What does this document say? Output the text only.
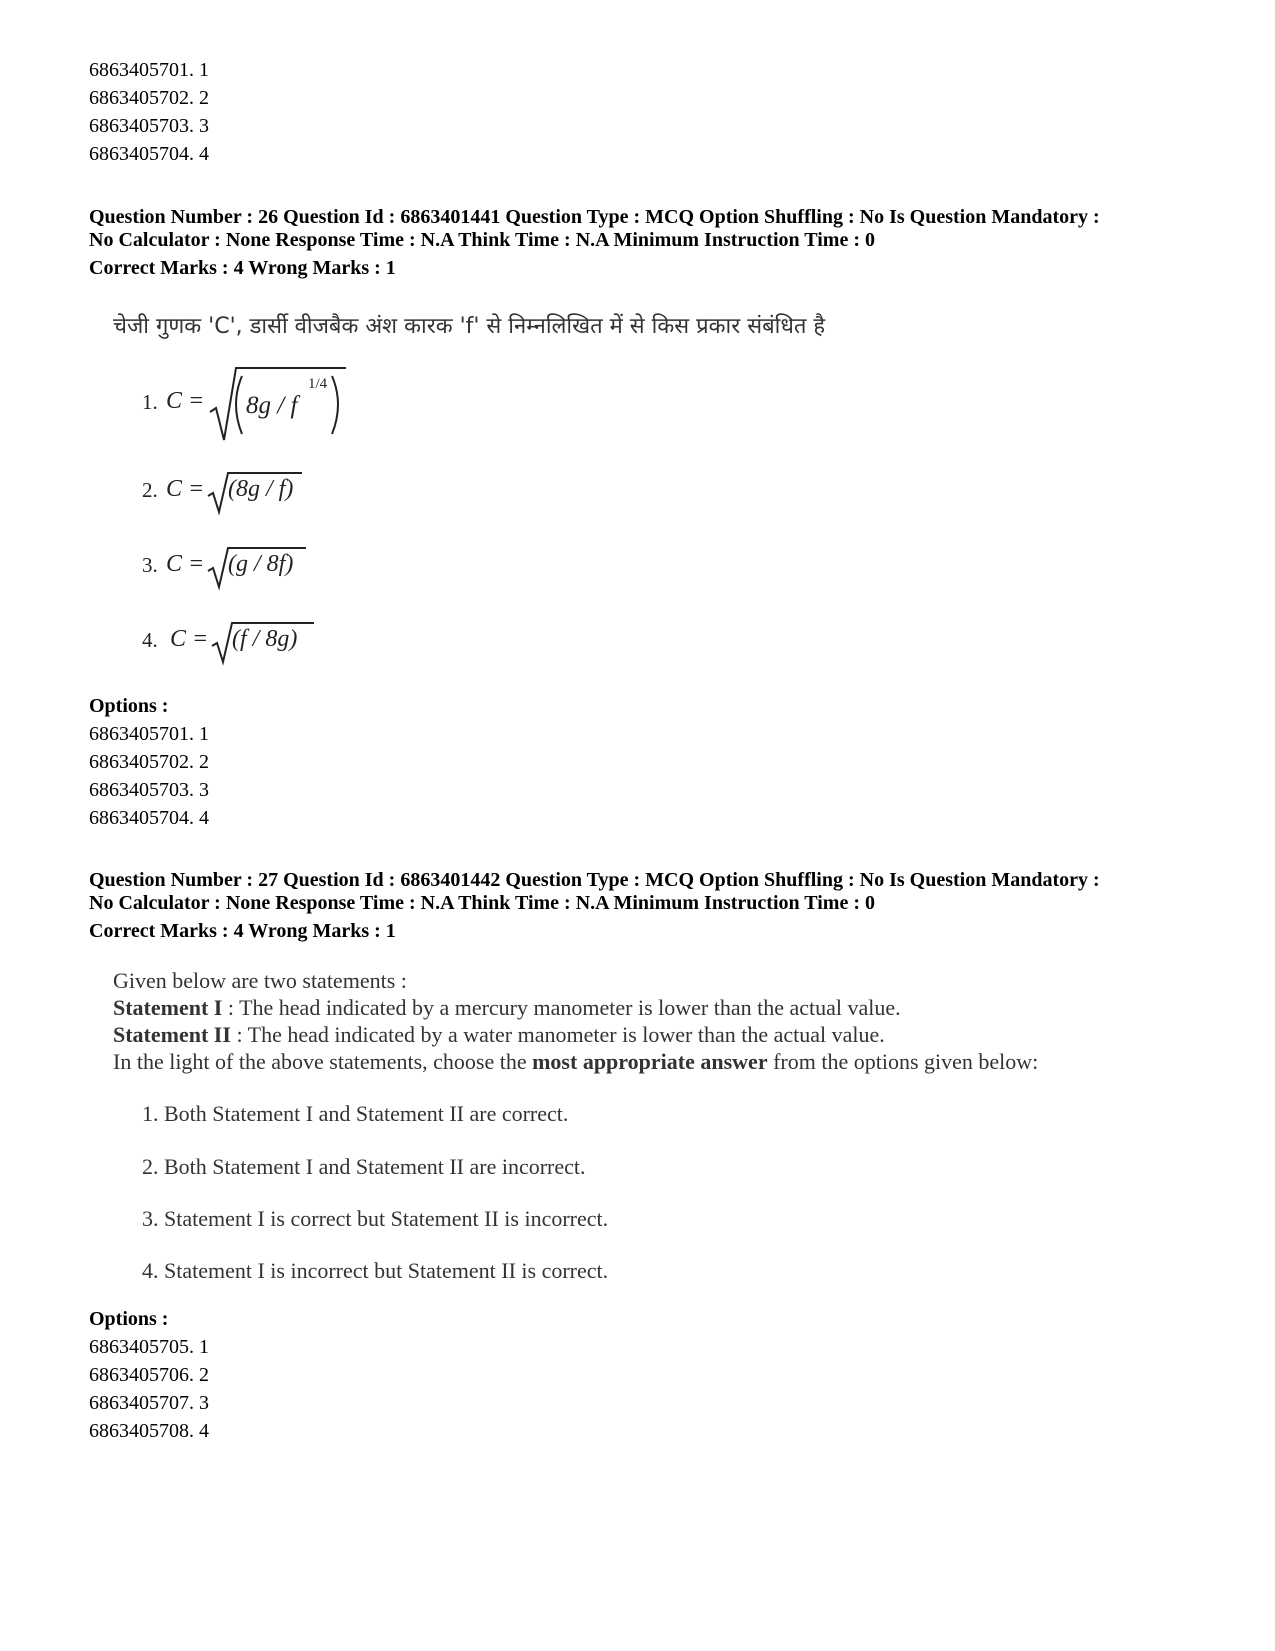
6863405701. 1
6863405702. 2
6863405703. 3
6863405704. 4
Question Number : 26 Question Id : 6863401441 Question Type : MCQ Option Shuffling : No Is Question Mandatory :
No Calculator : None Response Time : N.A Think Time : N.A Minimum Instruction Time : 0
Correct Marks : 4 Wrong Marks : 1
चेजी गुणक 'C', डार्सी वीजबैक अंश कारक 'f' से निम्नलिखित में से किस प्रकार संबंधित है
1. C = 8g / f
1/4
2. C = (8g / f)
3. C = (g / 8f)
4. C = (f / 8g)
Options :
6863405701. 1
6863405702. 2
6863405703. 3
6863405704. 4
Question Number : 27 Question Id : 6863401442 Question Type : MCQ Option Shuffling : No Is Question Mandatory :
No Calculator : None Response Time : N.A Think Time : N.A Minimum Instruction Time : 0
Correct Marks : 4 Wrong Marks : 1
Given below are two statements :
Statement I : The head indicated by a mercury manometer is lower than the actual value.
Statement II : The head indicated by a water manometer is lower than the actual value.
In the light of the above statements, choose the most appropriate answer from the options given below:
1. Both Statement I and Statement II are correct.
2. Both Statement I and Statement II are incorrect.
3. Statement I is correct but Statement II is incorrect.
4. Statement I is incorrect but Statement II is correct.
Options :
6863405705. 1
6863405706. 2
6863405707. 3
6863405708. 4
